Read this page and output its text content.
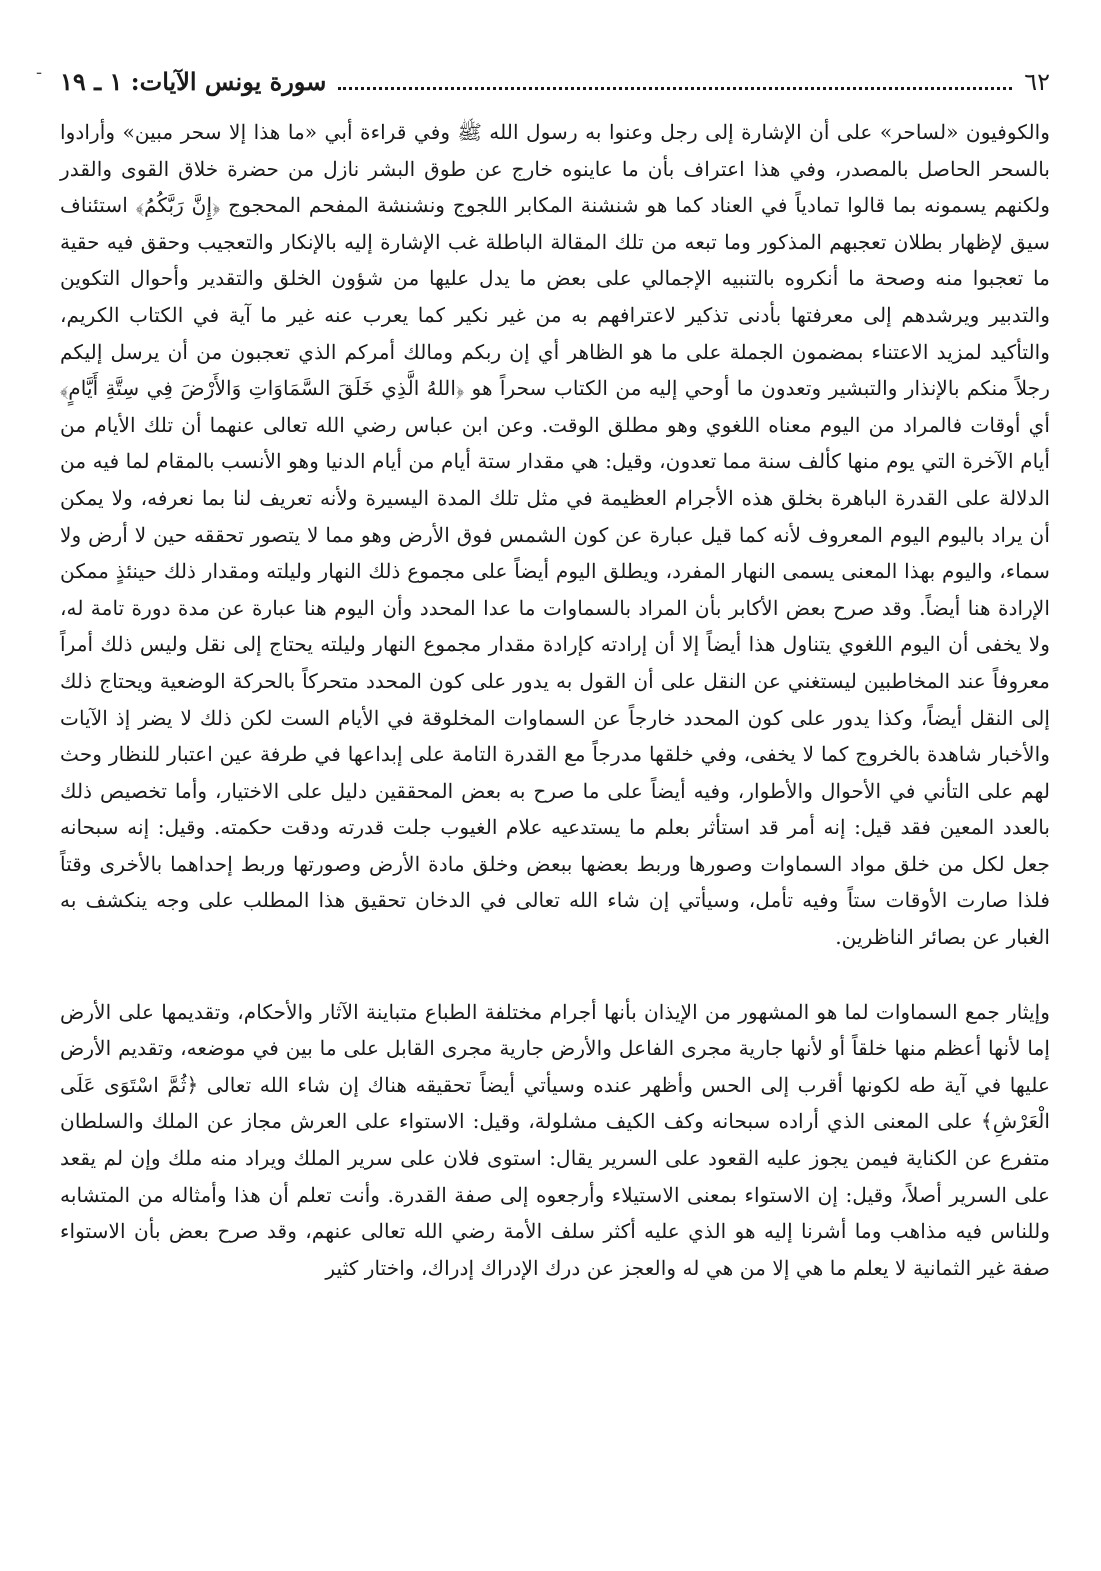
-	٦٢
سورة يونس الآيات: ١ ـ ١٩

والكوفيون «لساحر» على أن الإشارة إلى رجل وعنوا به رسول الله ﷺ وفي قراءة أبي «ما هذا إلا سحر مبين» وأرادوا بالسحر الحاصل بالمصدر، وفي هذا اعتراف بأن ما عاينوه خارج عن طوق البشر نازل من حضرة خلاق القوى والقدر ولكنهم يسمونه بما قالوا تمادياً في العناد كما هو شنشنة المكابر اللجوج ونشنشة المفحم المحجوج ﴿إِنَّ رَبَّكُمُ﴾ استئناف سيق لإظهار بطلان تعجبهم المذكور وما تبعه من تلك المقالة الباطلة غب الإشارة إليه بالإنكار والتعجيب وحقق فيه حقية ما تعجبوا منه وصحة ما أنكروه بالتنبيه الإجمالي على بعض ما يدل عليها من شؤون الخلق والتقدير وأحوال التكوين والتدبير ويرشدهم إلى معرفتها بأدنى تذكير لاعترافهم به من غير نكير كما يعرب عنه غير ما آية في الكتاب الكريم، والتأكيد لمزيد الاعتناء بمضمون الجملة على ما هو الظاهر أي إن ربكم ومالك أمركم الذي تعجبون من أن يرسل إليكم رجلاً منكم بالإنذار والتبشير وتعدون ما أوحي إليه من الكتاب سحراً هو ﴿اللهُ الَّذِي خَلَقَ السَّمَاوَاتِ وَالأَرْضَ فِي سِتَّةِ أَيَّامٍ﴾ أي أوقات فالمراد من اليوم معناه اللغوي وهو مطلق الوقت. وعن ابن عباس رضي الله تعالى عنهما أن تلك الأيام من أيام الآخرة التي يوم منها كألف سنة مما تعدون، وقيل: هي مقدار ستة أيام من أيام الدنيا وهو الأنسب بالمقام لما فيه من الدلالة على القدرة الباهرة بخلق هذه الأجرام العظيمة في مثل تلك المدة اليسيرة ولأنه تعريف لنا بما نعرفه، ولا يمكن أن يراد باليوم اليوم المعروف لأنه كما قيل عبارة عن كون الشمس فوق الأرض وهو مما لا يتصور تحققه حين لا أرض ولا سماء، واليوم بهذا المعنى يسمى النهار المفرد، ويطلق اليوم أيضاً على مجموع ذلك النهار وليلته ومقدار ذلك حينئذٍ ممكن الإرادة هنا أيضاً. وقد صرح بعض الأكابر بأن المراد بالسماوات ما عدا المحدد وأن اليوم هنا عبارة عن مدة دورة تامة له، ولا يخفى أن اليوم اللغوي يتناول هذا أيضاً إلا أن إرادته كإرادة مقدار مجموع النهار وليلته يحتاج إلى نقل وليس ذلك أمراً معروفاً عند المخاطبين ليستغني عن النقل على أن القول به يدور على كون المحدد متحركاً بالحركة الوضعية ويحتاج ذلك إلى النقل أيضاً، وكذا يدور على كون المحدد خارجاً عن السماوات المخلوقة في الأيام الست لكن ذلك لا يضر إذ الآيات والأخبار شاهدة بالخروج كما لا يخفى، وفي خلقها مدرجاً مع القدرة التامة على إبداعها في طرفة عين اعتبار للنظار وحث لهم على التأني في الأحوال والأطوار، وفيه أيضاً على ما صرح به بعض المحققين دليل على الاختيار، وأما تخصيص ذلك بالعدد المعين فقد قيل: إنه أمر قد استأثر بعلم ما يستدعيه علام الغيوب جلت قدرته ودقت حكمته. وقيل: إنه سبحانه جعل لكل من خلق مواد السماوات وصورها وربط بعضها ببعض وخلق مادة الأرض وصورتها وربط إحداهما بالأخرى وقتاً فلذا صارت الأوقات ستاً وفيه تأمل، وسيأتي إن شاء الله تعالى في الدخان تحقيق هذا المطلب على وجه ينكشف به الغبار عن بصائر الناظرين.

وإيثار جمع السماوات لما هو المشهور من الإيذان بأنها أجرام مختلفة الطباع متباينة الآثار والأحكام، وتقديمها على الأرض إما لأنها أعظم منها خلقاً أو لأنها جارية مجرى الفاعل والأرض جارية مجرى القابل على ما بين في موضعه، وتقديم الأرض عليها في آية طه لكونها أقرب إلى الحس وأظهر عنده وسيأتي أيضاً تحقيقه هناك إن شاء الله تعالى ﴿ثُمَّ اسْتَوَى عَلَى الْعَرْشِ﴾ على المعنى الذي أراده سبحانه وكف الكيف مشلولة، وقيل: الاستواء على العرش مجاز عن الملك والسلطان متفرع عن الكناية فيمن يجوز عليه القعود على السرير يقال: استوى فلان على سرير الملك ويراد منه ملك وإن لم يقعد على السرير أصلاً، وقيل: إن الاستواء بمعنى الاستيلاء وأرجعوه إلى صفة القدرة. وأنت تعلم أن هذا وأمثاله من المتشابه وللناس فيه مذاهب وما أشرنا إليه هو الذي عليه أكثر سلف الأمة رضي الله تعالى عنهم، وقد صرح بعض بأن الاستواء صفة غير الثمانية لا يعلم ما هي إلا من هي له والعجز عن درك الإدراك إدراك، واختار كثير
